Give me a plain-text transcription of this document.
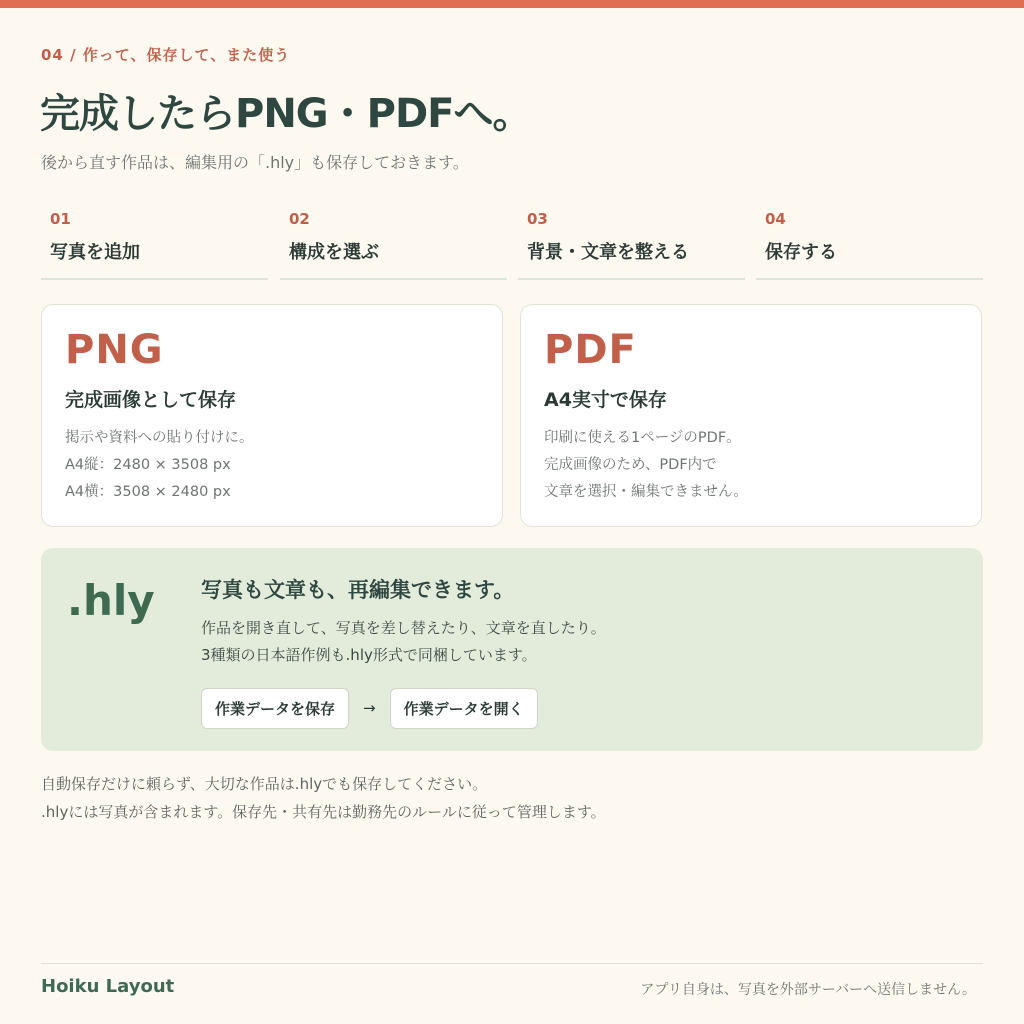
04 / 作って、保存して、また使う
完成したらPNG・PDFへ。

後から直す作品は、編集用の「.hly」も保存しておきます。

01
写真を追加
02
構成を選ぶ
03
背景・文章を整える
04
保存する
PNG
完成画像として保存
掲示や資料への貼り付けに。
A4縦：2480 × 3508 px
A4横：3508 × 2480 px
PDF
A4実寸で保存
印刷に使える1ページのPDF。
完成画像のため、PDF内で
文章を選択・編集できません。
.hly 写真も文章も、再編集できます。
作品を開き直して、写真を差し替えたり、文章を直したり。
3種類の日本語作例も.hly形式で同梱しています。
作業データを保存	→	作業データを開く
自動保存だけに頼らず、大切な作品は.hlyでも保存してください。
.hlyには写真が含まれます。保存先・共有先は勤務先のルールに従って管理します。
Hoiku Layout	アプリ自身は、写真を外部サーバーへ送信しません。
